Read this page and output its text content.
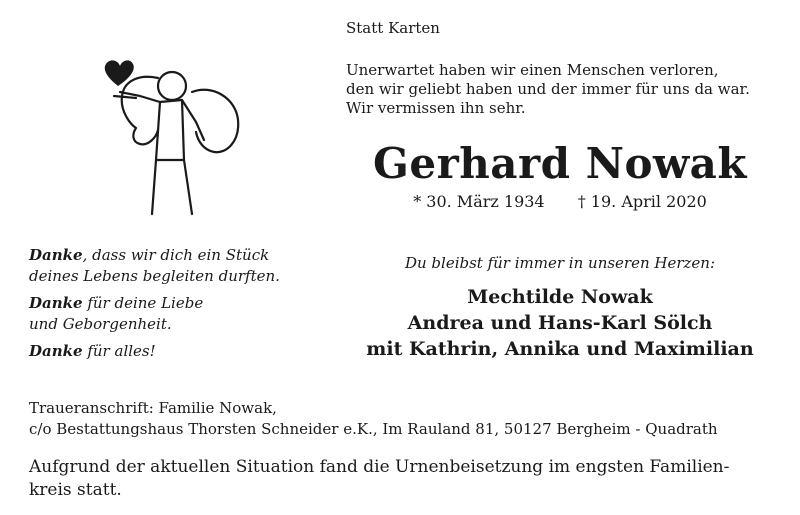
Statt Karten
Unerwartet haben wir einen Menschen verloren,
den wir geliebt haben und der immer für uns da war.
Wir vermissen ihn sehr.
Gerhard Nowak
* 30. März 1934 † 19. April 2020
Du bleibst für immer in unseren Herzen:
Mechtilde Nowak
Andrea und Hans-Karl Sölch
mit Kathrin, Annika und Maximilian
Danke, dass wir dich ein Stück
deines Lebens begleiten durften.
Danke für deine Liebe
und Geborgenheit.
Danke für alles!
Traueranschrift: Familie Nowak,
c/o Bestattungshaus Thorsten Schneider e.K., Im Rauland 81, 50127 Bergheim - Quadrath
Aufgrund der aktuellen Situation fand die Urnenbeisetzung im engsten Familien-
kreis statt.
